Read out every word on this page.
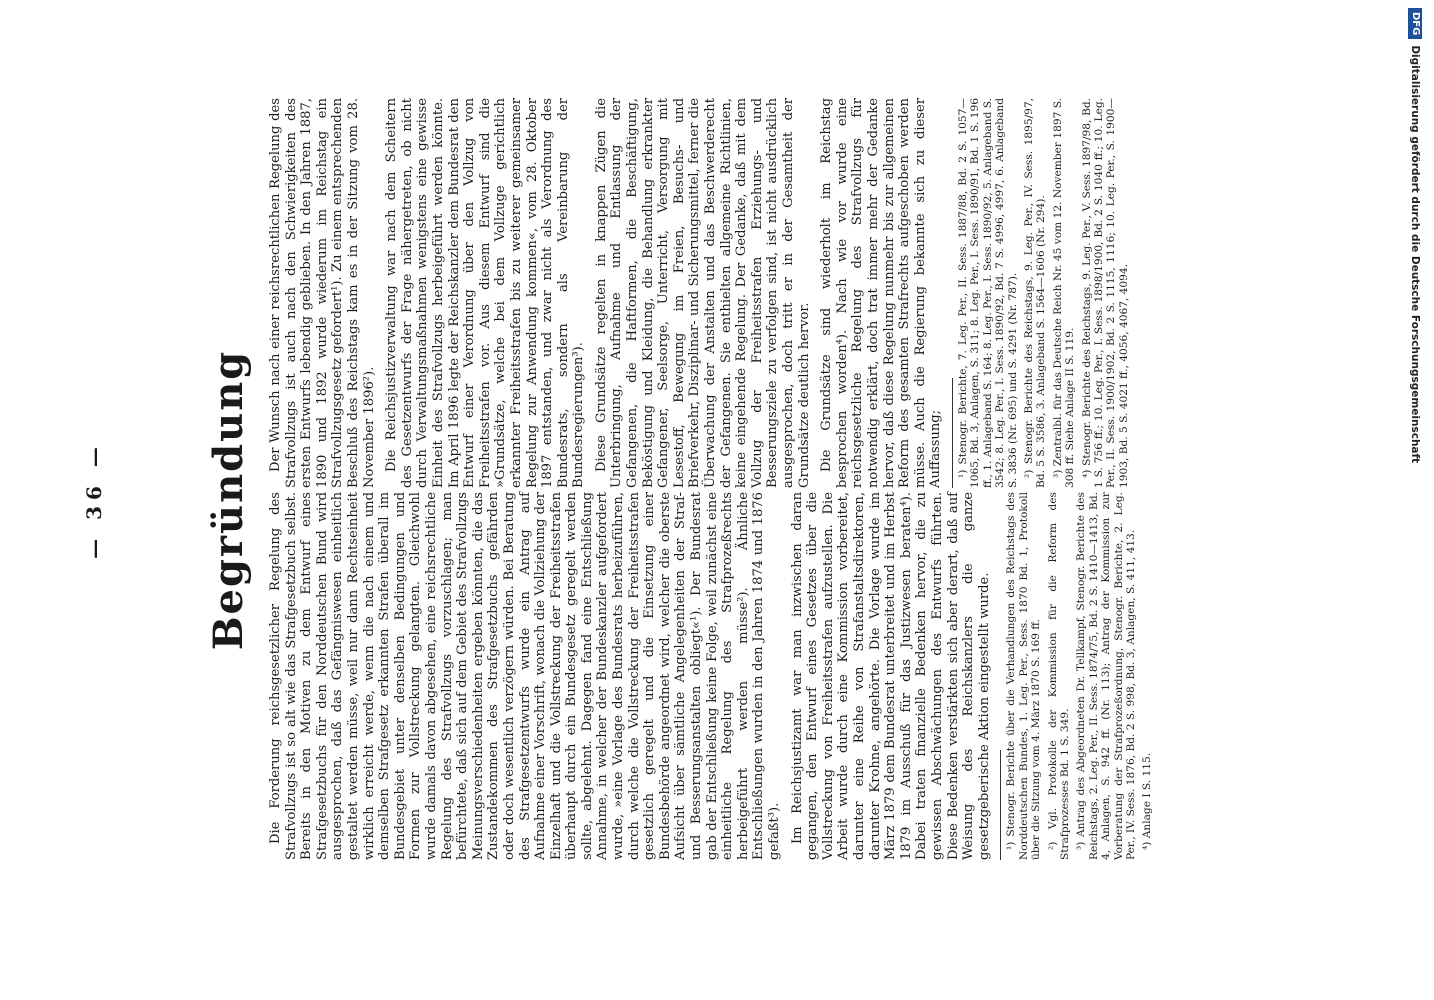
— 36 — Begründung Die Forderung reichsgesetzlicher Regelung des Strafvollzugs ist so alt wie das Strafgesetzbuch selbst. Bereits in den Motiven zu dem Entwurf eines Strafgesetzbuchs für den Norddeutschen Bund wird ausgesprochen, daß das Gefängniswesen einheitlich gestaltet werden müsse, weil nur dann Rechtseinheit wirklich erreicht werde, wenn die nach einem und demselben Strafgesetz erkannten Strafen überall im Bundesgebiet unter denselben Bedingungen und Formen zur Vollstreckung gelangten. Gleichwohl wurde damals davon abgesehen, eine reichsrechtliche Regelung des Strafvollzugs vorzuschlagen; man befürchtete, daß sich auf dem Gebiet des Strafvollzugs Meinungsverschiedenheiten ergeben könnten, die das Zustandekommen des Strafgesetzbuchs gefährden oder doch wesentlich verzögern würden. Bei Beratung des Strafgesetzentwurfs wurde ein Antrag auf Aufnahme einer Vorschrift, wonach die Vollziehung der Einzelhaft und die Vollstreckung der Freiheitsstrafen überhaupt durch ein Bundesgesetz geregelt werden sollte, abgelehnt. Dagegen fand eine Entschließung Annahme, in welcher der Bundeskanzler aufgefordert wurde, »eine Vorlage des Bundesrats herbeizuführen, durch welche die Vollstreckung der Freiheitsstrafen gesetzlich geregelt und die Einsetzung einer Bundesbehörde angeordnet wird, welcher die oberste Aufsicht über sämtliche Angelegenheiten der Straf- und Besserungsanstalten obliegt«¹). Der Bundesrat gab der Entschließung keine Folge, weil zunächst eine einheitliche Regelung des Strafprozeßrechts herbeigeführt werden müsse²). Ähnliche Entschließungen wurden in den Jahren 1874 und 1876 gefaßt³). Im Reichsjustizamt war man inzwischen daran gegangen, den Entwurf eines Gesetzes über die Vollstreckung von Freiheitsstrafen aufzustellen. Die Arbeit wurde durch eine Kommission vorbereitet, darunter eine Reihe von Strafanstaltsdirektoren, darunter Krohne, angehörte. Die Vorlage wurde im März 1879 dem Bundesrat unterbreitet und im Herbst 1879 im Ausschuß für das Justizwesen beraten⁴). Dabei traten finanzielle Bedenken hervor, die zu gewissen Abschwächungen des Entwurfs führten. Diese Bedenken verstärkten sich aber derart, daß auf Weisung des Reichskanzlers die ganze gesetzgeberische Aktion eingestellt wurde. ¹) Stenogr. Berichte über die Verhandlungen des Reichstags des Norddeutschen Bundes, 1. Leg. Per., Sess. 1870 Bd. 1, Protokoll über die Sitzung vom 4. März 1870 S. 169 ff. ²) Vgl. Protokolle der Kommission für die Reform des Strafprozesses Bd. 1 S. 349. ³) Antrag des Abgeordneten Dr. Tellkampf, Stenogr. Berichte des Reichstags, 2. Leg. Per., II. Sess. 1874/75, Bd. 2 S. 1410—1413, Bd. 4, Anlagen, S. 942 ff. (Nr. 113); Antrag der Kommission zur Vorberatung der Strafprozeßordnung, Stenogr. Berichte, 2. Leg. Per., IV. Sess. 1876, Bd. 2 S. 998, Bd. 3, Anlagen, S. 411, 413. ⁴) Anlage I S. 115.

Der Wunsch nach einer reichsrechtlichen Regelung des Strafvollzugs ist auch nach den Schwierigkeiten des ersten Entwurfs lebendig geblieben. In den Jahren 1887, 1890 und 1892 wurde wiederum im Reichstag ein Strafvollzugsgesetz gefordert¹). Zu einem entsprechenden Beschluß des Reichstags kam es in der Sitzung vom 28. November 1896²). Die Reichsjustizverwaltung war nach dem Scheitern des Gesetzentwurfs der Frage nähergetreten, ob nicht durch Verwaltungsmaßnahmen wenigstens eine gewisse Einheit des Strafvollzugs herbeigeführt werden könnte. Im April 1896 legte der Reichskanzler dem Bundesrat den Entwurf einer Verordnung über den Vollzug von Freiheitsstrafen vor. Aus diesem Entwurf sind die »Grundsätze, welche bei dem Vollzuge gerichtlich erkannter Freiheitsstrafen bis zu weiterer gemeinsamer Regelung zur Anwendung kommen«, vom 28. Oktober 1897 entstanden, und zwar nicht als Verordnung des Bundesrats, sondern als Vereinbarung der Bundesregierungen³). Diese Grundsätze regelten in knappen Zügen die Unterbringung, Aufnahme und Entlassung der Gefangenen, die Haftformen, die Beschäftigung, Beköstigung und Kleidung, die Behandlung erkrankter Gefangener, Seelsorge, Unterricht, Versorgung mit Lesestoff, Bewegung im Freien, Besuchs- und Briefverkehr, Disziplinar- und Sicherungsmittel, ferner die Überwachung der Anstalten und das Beschwerderecht der Gefangenen. Sie enthielten allgemeine Richtlinien, keine eingehende Regelung. Der Gedanke, daß mit dem Vollzug der Freiheitsstrafen Erziehungs- und Besserungsziele zu verfolgen sind, ist nicht ausdrücklich ausgesprochen, doch tritt er in der Gesamtheit der Grundsätze deutlich hervor. Die Grundsätze sind wiederholt im Reichstag besprochen worden⁴). Nach wie vor wurde eine reichsgesetzliche Regelung des Strafvollzugs für notwendig erklärt, doch trat immer mehr der Gedanke hervor, daß diese Regelung nunmehr bis zur allgemeinen Reform des gesamten Strafrechts aufgeschoben werden müsse. Auch die Regierung bekannte sich zu dieser Auffassung; ¹) Stenogr. Berichte, 7. Leg. Per., II. Sess. 1887/88, Bd. 2 S. 1057—1065, Bd. 3, Anlagen, S. 311; 8. Leg. Per., I. Sess. 1890/91, Bd. 1 S. 196 ff., 1. Anlageband S. 164; 8. Leg. Per., I. Sess. 1890/92, 5. Anlageband S. 3542; 8. Leg. Per., I. Sess. 1890/92, Bd. 7 S. 4996, 4997, 6. Anlageband S. 3836 (Nr. 695) und S. 4291 (Nr. 787). ²) Stenogr. Berichte des Reichstags, 9. Leg. Per., IV. Sess. 1895/97, Bd. 5 S. 3586, 3. Anlageband S. 1564—1606 (Nr. 294). ³) Zentralbl. für das Deutsche Reich Nr. 45 vom 12. November 1897 S. 308 ff. Siehe Anlage II S. 119. ⁴) Stenogr. Berichte des Reichstags, 9. Leg. Per., V. Sess. 1897/98, Bd. 1 S. 756 ff.; 10. Leg. Per., I. Sess. 1898/1900, Bd. 2 S. 1040 ff.; 10. Leg. Per., II. Sess. 1900/1902, Bd. 2 S. 1115, 1116; 10. Leg. Per., S. 1900—1903, Bd. 5 S. 4021 ff., 4056, 4067, 4094.

DFG
Digitalisierung gefördert durch die Deutsche Forschungsgemeinschaft
